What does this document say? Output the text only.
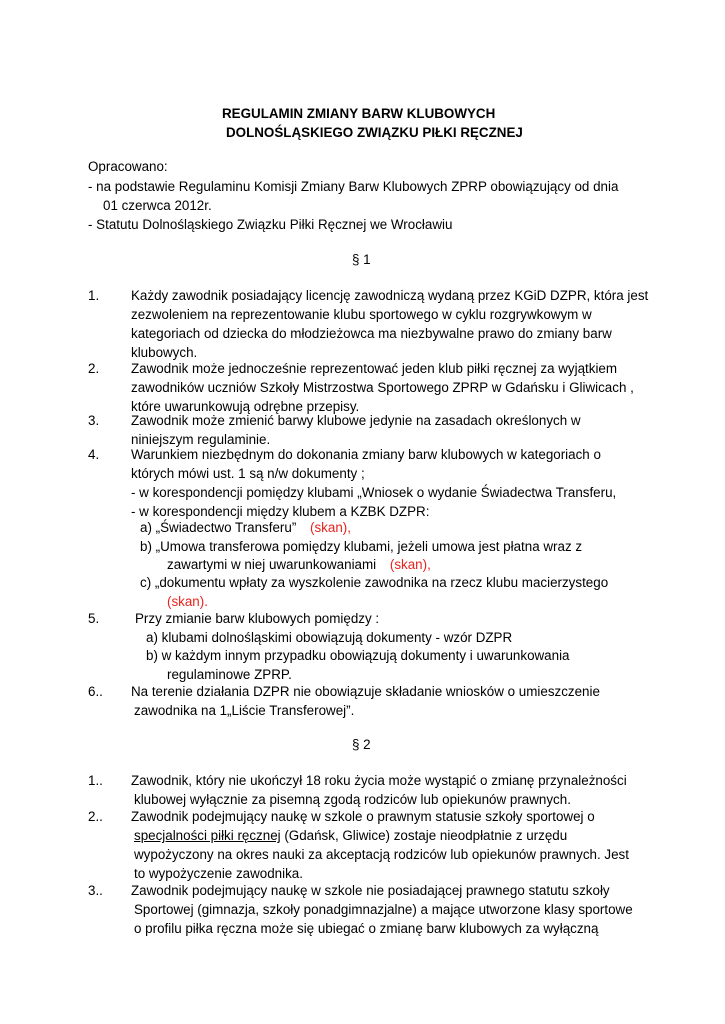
REGULAMIN ZMIANY BARW KLUBOWYCH
DOLNOŚLĄSKIEGO ZWIĄZKU PIŁKI RĘCZNEJ
Opracowano:
- na podstawie Regulaminu Komisji Zmiany Barw Klubowych ZPRP obowiązujący od dnia
01 czerwca 2012r.
- Statutu Dolnośląskiego Związku Piłki Ręcznej we Wrocławiu
§ 1
1. Każdy zawodnik posiadający licencję zawodniczą wydaną przez KGiD DZPR, która jest
zezwoleniem na reprezentowanie klubu sportowego w cyklu rozgrywkowym w
kategoriach od dziecka do młodzieżowca ma niezbywalne prawo do zmiany barw
klubowych.
2. Zawodnik może jednocześnie reprezentować jeden klub piłki ręcznej za wyjątkiem
zawodników uczniów Szkoły Mistrzostwa Sportowego ZPRP w Gdańsku i Gliwicach ,
które uwarunkowują odrębne przepisy.
3. Zawodnik może zmienić barwy klubowe jedynie na zasadach określonych w
niniejszym regulaminie.
4. Warunkiem niezbędnym do dokonania zmiany barw klubowych w kategoriach o
których mówi ust. 1 są n/w dokumenty ;
- w korespondencji pomiędzy klubami „Wniosek o wydanie Świadectwa Transferu,
- w korespondencji między klubem a KZBK DZPR:
a) „Świadectwo Transferu” (skan),
b) „Umowa transferowa pomiędzy klubami, jeżeli umowa jest płatna wraz z
zawartymi w niej uwarunkowaniami (skan),
c) „dokumentu wpłaty za wyszkolenie zawodnika na rzecz klubu macierzystego
(skan).
5.	Przy zmianie barw klubowych pomiędzy :
a) klubami dolnośląskimi obowiązują dokumenty - wzór DZPR
b) w każdym innym przypadku obowiązują dokumenty i uwarunkowania
regulaminowe ZPRP.
6.. Na terenie działania DZPR nie obowiązuje składanie wniosków o umieszczenie
zawodnika na 1„Liście Transferowej”.
§ 2
1.. Zawodnik, który nie ukończył 18 roku życia może wystąpić o zmianę przynależności
klubowej wyłącznie za pisemną zgodą rodziców lub opiekunów prawnych.
2.. Zawodnik podejmujący naukę w szkole o prawnym statusie szkoły sportowej o
specjalności piłki ręcznej (Gdańsk, Gliwice) zostaje nieodpłatnie z urzędu
wypożyczony na okres nauki za akceptacją rodziców lub opiekunów prawnych. Jest
to wypożyczenie zawodnika.
3.. Zawodnik podejmujący naukę w szkole nie posiadającej prawnego statutu szkoły
Sportowej (gimnazja, szkoły ponadgimnazjalne) a mające utworzone klasy sportowe
o profilu piłka ręczna może się ubiegać o zmianę barw klubowych za wyłączną
